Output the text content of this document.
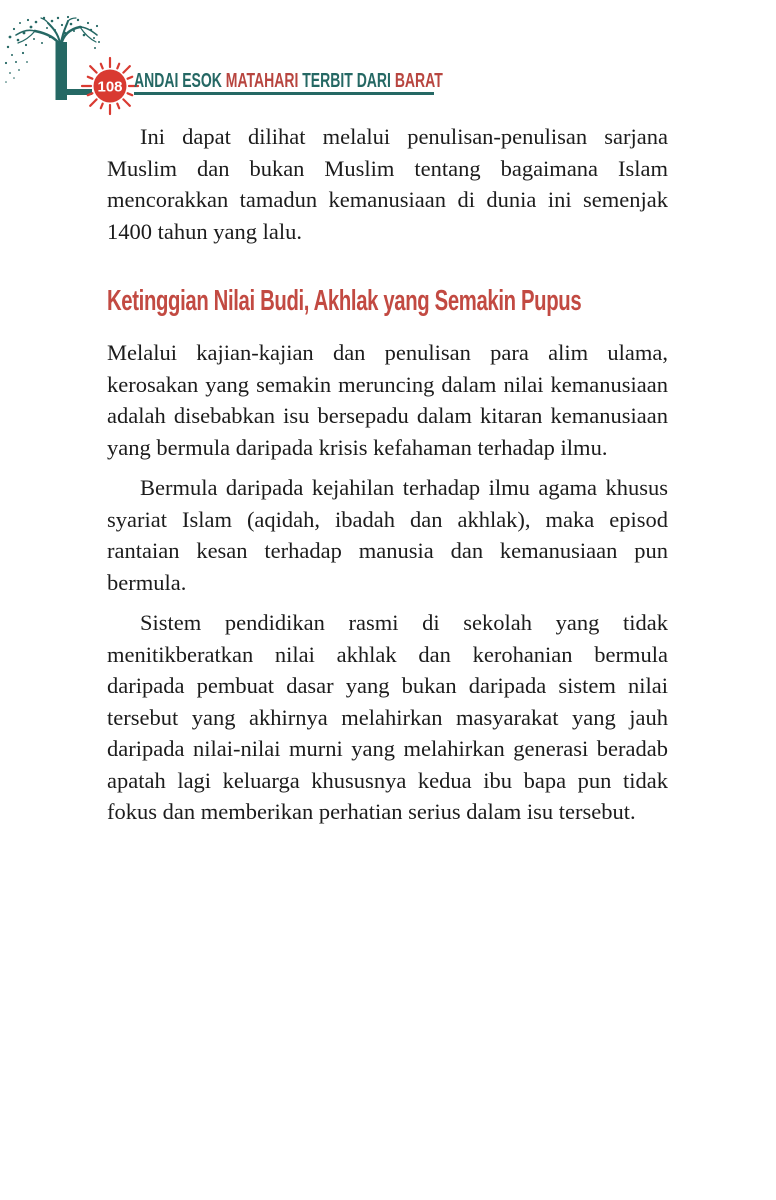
108 ANDAI ESOK MATAHARI TERBIT DARI BARAT

Ini dapat dilihat melalui penulisan-penulisan sarjana Muslim dan bukan Muslim tentang bagaimana Islam mencorakkan tamadun kemanusiaan di dunia ini semenjak 1400 tahun yang lalu.

Ketinggian Nilai Budi, Akhlak yang Semakin Pupus

Melalui kajian-kajian dan penulisan para alim ulama, kerosakan yang semakin meruncing dalam nilai kemanusiaan adalah disebabkan isu bersepadu dalam kitaran kemanusiaan yang bermula daripada krisis kefahaman terhadap ilmu.

Bermula daripada kejahilan terhadap ilmu agama khusus syariat Islam (aqidah, ibadah dan akhlak), maka episod rantaian kesan terhadap manusia dan kemanusiaan pun bermula.

Sistem pendidikan rasmi di sekolah yang tidak menitikberatkan nilai akhlak dan kerohanian bermula daripada pembuat dasar yang bukan daripada sistem nilai tersebut yang akhirnya melahirkan masyarakat yang jauh daripada nilai-nilai murni yang melahirkan generasi beradab apatah lagi keluarga khususnya kedua ibu bapa pun tidak fokus dan memberikan perhatian serius dalam isu tersebut.
